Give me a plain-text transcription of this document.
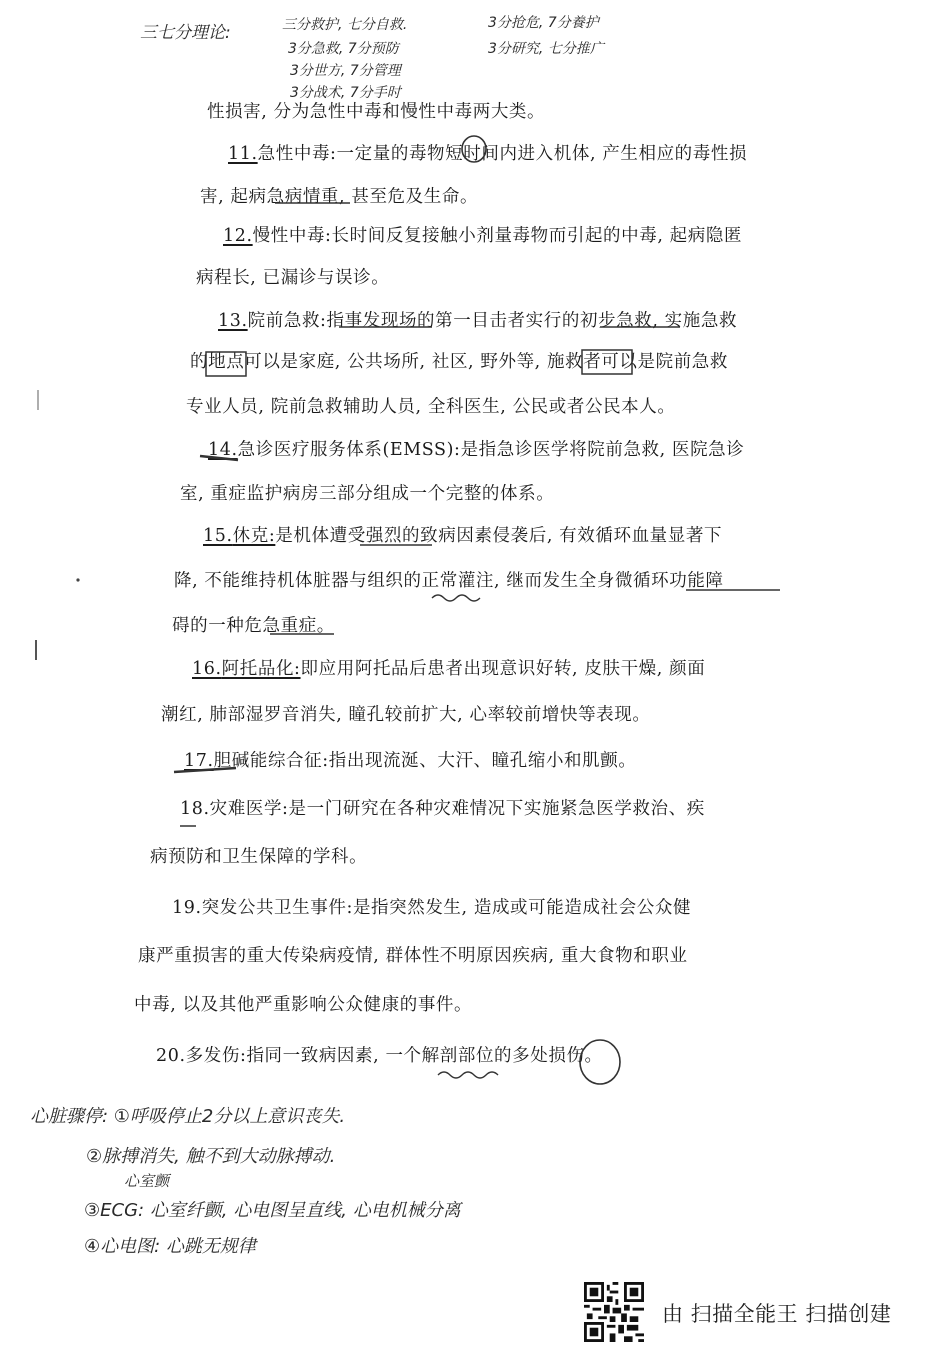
三七分理论:	三分救护, 七分自救.
3分急救, 7分预防
3分世方, 7分管理
3分战术, 7分手时
3分抢危, 7分養护
3分研究, 七分推广
性损害, 分为急性中毒和慢性中毒两大类。
11.急性中毒:一定量的毒物短时间内进入机体, 产生相应的毒性损
害, 起病急病情重, 甚至危及生命。
12.慢性中毒:长时间反复接触小剂量毒物而引起的中毒, 起病隐匿
病程长, 已漏诊与误诊。
13.院前急救:指事发现场的第一目击者实行的初步急救, 实施急救
的地点可以是家庭, 公共场所, 社区, 野外等, 施救者可以是院前急救
专业人员, 院前急救辅助人员, 全科医生, 公民或者公民本人。
14.急诊医疗服务体系(EMSS):是指急诊医学将院前急救, 医院急诊
室, 重症监护病房三部分组成一个完整的体系。
15.休克:是机体遭受强烈的致病因素侵袭后, 有效循环血量显著下
降, 不能维持机体脏器与组织的正常灌注, 继而发生全身微循环功能障
碍的一种危急重症。
16.阿托品化:即应用阿托品后患者出现意识好转, 皮肤干燥, 颜面
潮红, 肺部湿罗音消失, 瞳孔较前扩大, 心率较前增快等表现。
17.胆碱能综合征:指出现流涎、大汗、瞳孔缩小和肌颤。
18.灾难医学:是一门研究在各种灾难情况下实施紧急医学救治、疾
病预防和卫生保障的学科。
19.突发公共卫生事件:是指突然发生, 造成或可能造成社会公众健
康严重损害的重大传染病疫情, 群体性不明原因疾病, 重大食物和职业
中毒, 以及其他严重影响公众健康的事件。
20.多发伤:指同一致病因素, 一个解剖部位的多处损伤。
心脏骤停: ①呼吸停止2分以上意识丧失.
②脉搏消失, 触不到大动脉搏动.
心室颤
③ECG: 心室纤颤, 心电图呈直线, 心电机械分离
④心电图: 心跳无规律
由 扫描全能王 扫描创建
